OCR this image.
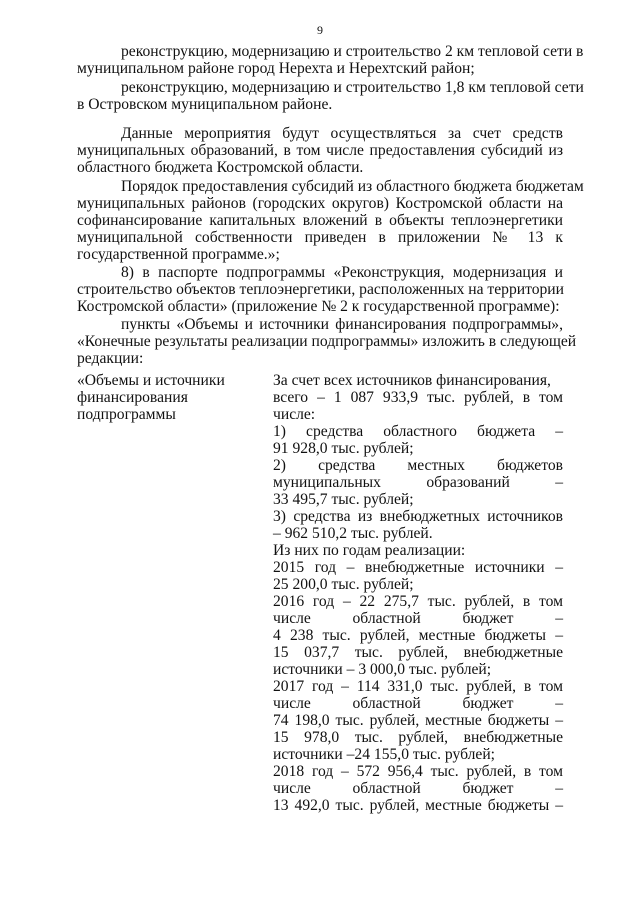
9
реконструкцию, модернизацию и строительство 2 км тепловой сети в
муниципальном районе город Нерехта и Нерехтский район;
реконструкцию, модернизацию и строительство 1,8 км тепловой сети
в Островском муниципальном районе.
Данные мероприятия будут осуществляться за счет средств
муниципальных образований, в том числе предоставления субсидий из
областного бюджета Костромской области.
Порядок предоставления субсидий из областного бюджета бюджетам
муниципальных районов (городских округов) Костромской области на
софинансирование капитальных вложений в объекты теплоэнергетики
муниципальной собственности приведен в приложении № 13 к
государственной программе.»;
8) в паспорте подпрограммы «Реконструкция, модернизация и
строительство объектов теплоэнергетики, расположенных на территории
Костромской области» (приложение № 2 к государственной программе):
пункты «Объемы и источники финансирования подпрограммы»,
«Конечные результаты реализации подпрограммы» изложить в следующей
редакции:
«Объемы и источники
финансирования
подпрограммы
За счет всех источников финансирования,
всего – 1 087 933,9 тыс. рублей, в том
числе:
1) средства областного бюджета –
91 928,0 тыс. рублей;
2) средства местных бюджетов
муниципальных образований –
33 495,7 тыс. рублей;
3) средства из внебюджетных источников
– 962 510,2 тыс. рублей.
Из них по годам реализации:
2015 год – внебюджетные источники –
25 200,0 тыс. рублей;
2016 год – 22 275,7 тыс. рублей, в том
числе областной бюджет –
4 238 тыс. рублей, местные бюджеты –
15 037,7 тыс. рублей, внебюджетные
источники – 3 000,0 тыс. рублей;
2017 год – 114 331,0 тыс. рублей, в том
числе областной бюджет –
74 198,0 тыс. рублей, местные бюджеты –
15 978,0 тыс. рублей, внебюджетные
источники –24 155,0 тыс. рублей;
2018 год – 572 956,4 тыс. рублей, в том
числе областной бюджет –
13 492,0 тыс. рублей, местные бюджеты –
